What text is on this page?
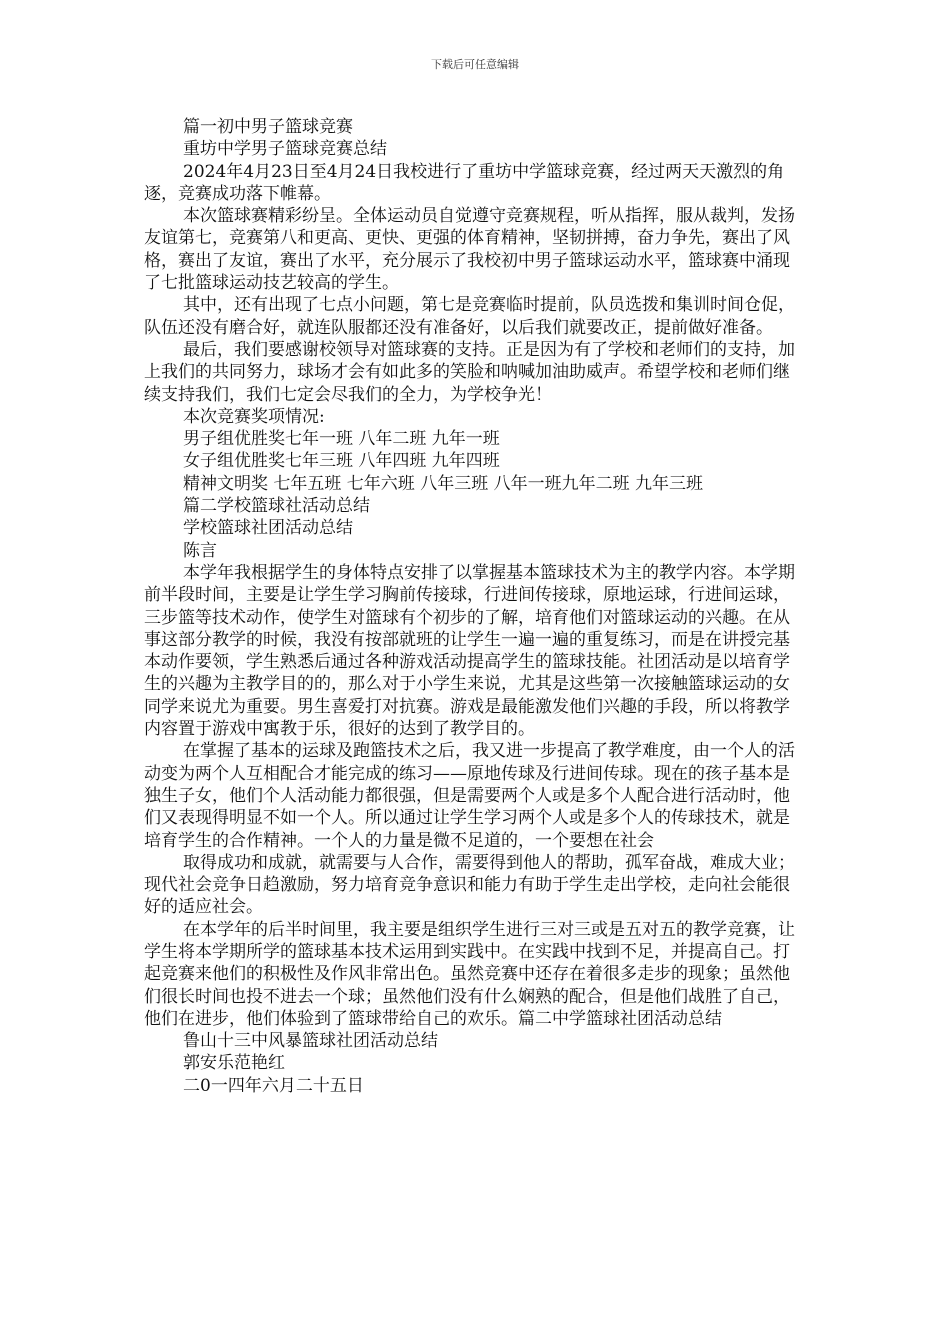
下载后可任意编辑

篇一初中男子篮球竞赛

重坊中学男子篮球竞赛总结

2024年4月23日至4月24日我校进行了重坊中学篮球竞赛，经过两天天激烈的角逐，竞赛成功落下帷幕。

本次篮球赛精彩纷呈。全体运动员自觉遵守竞赛规程，听从指挥，服从裁判，发扬友谊第七，竞赛第八和更高、更快、更强的体育精神，坚韧拼搏，奋力争先，赛出了风格，赛出了友谊，赛出了水平，充分展示了我校初中男子篮球运动水平，篮球赛中涌现了七批篮球运动技艺较高的学生。

其中，还有出现了七点小问题，第七是竞赛临时提前，队员选拨和集训时间仓促，队伍还没有磨合好，就连队服都还没有准备好，以后我们就要改正，提前做好准备。

最后，我们要感谢校领导对篮球赛的支持。正是因为有了学校和老师们的支持，加上我们的共同努力，球场才会有如此多的笑脸和呐喊加油助威声。希望学校和老师们继续支持我们，我们七定会尽我们的全力，为学校争光！

本次竞赛奖项情况:

男子组优胜奖七年一班 八年二班 九年一班

女子组优胜奖七年三班 八年四班 九年四班

精神文明奖 七年五班 七年六班 八年三班 八年一班九年二班 九年三班

篇二学校篮球社活动总结

学校篮球社团活动总结

陈言

本学年我根据学生的身体特点安排了以掌握基本篮球技术为主的教学内容。本学期前半段时间，主要是让学生学习胸前传接球，行进间传接球，原地运球，行进间运球，三步篮等技术动作，使学生对篮球有个初步的了解，培育他们对篮球运动的兴趣。在从事这部分教学的时候，我没有按部就班的让学生一遍一遍的重复练习，而是在讲授完基本动作要领，学生熟悉后通过各种游戏活动提高学生的篮球技能。社团活动是以培育学生的兴趣为主教学目的的，那么对于小学生来说，尤其是这些第一次接触篮球运动的女同学来说尤为重要。男生喜爱打对抗赛。游戏是最能激发他们兴趣的手段，所以将教学内容置于游戏中寓教于乐，很好的达到了教学目的。

在掌握了基本的运球及跑篮技术之后，我又进一步提高了教学难度，由一个人的活动变为两个人互相配合才能完成的练习——原地传球及行进间传球。现在的孩子基本是独生子女，他们个人活动能力都很强，但是需要两个人或是多个人配合进行活动时，他们又表现得明显不如一个人。所以通过让学生学习两个人或是多个人的传球技术，就是培育学生的合作精神。一个人的力量是微不足道的，一个要想在社会

取得成功和成就，就需要与人合作，需要得到他人的帮助，孤军奋战，难成大业；现代社会竞争日趋激励，努力培育竞争意识和能力有助于学生走出学校，走向社会能很好的适应社会。

在本学年的后半时间里，我主要是组织学生进行三对三或是五对五的教学竞赛，让学生将本学期所学的篮球基本技术运用到实践中。在实践中找到不足，并提高自己。打起竞赛来他们的积极性及作风非常出色。虽然竞赛中还存在着很多走步的现象；虽然他们很长时间也投不进去一个球；虽然他们没有什么娴熟的配合，但是他们战胜了自己，他们在进步，他们体验到了篮球带给自己的欢乐。篇二中学篮球社团活动总结

鲁山十三中风暴篮球社团活动总结

郭安乐范艳红

二0一四年六月二十五日
